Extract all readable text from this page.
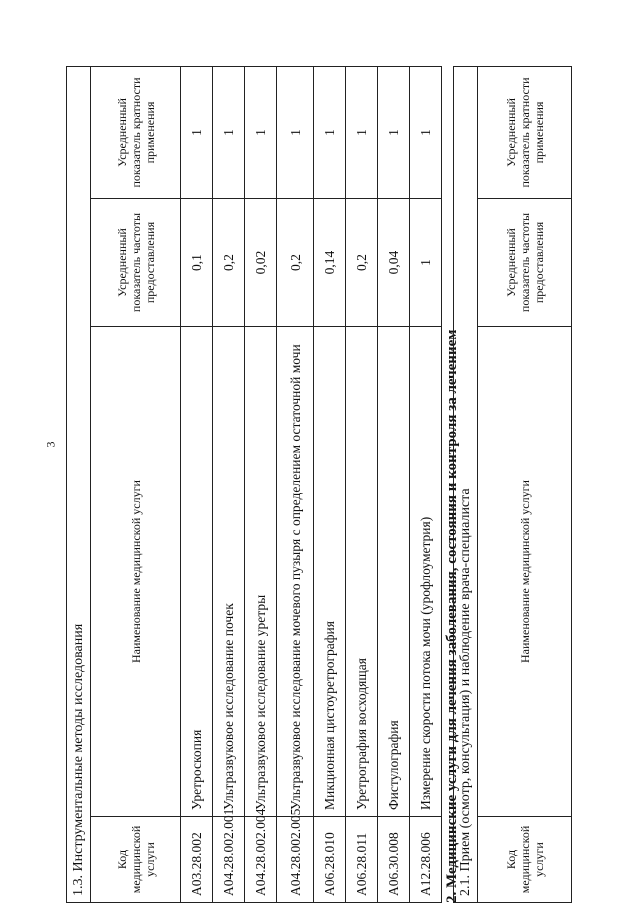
3
1.3. Инструментальные методы исследования			
Код медицинской услуги	Наименование медицинской услуги	Усредненный показатель частоты предоставления	Усредненный показатель кратности применения
A03.28.002	Уретроскопия	0,1	1
A04.28.002.001	Ультразвуковое исследование почек	0,2	1
A04.28.002.004	Ультразвуковое исследование уретры	0,02	1
A04.28.002.005	Ультразвуковое исследование мочевого пузыря с определением остаточной мочи	0,2	1
A06.28.010	Микционная цистоуретрография	0,14	1
A06.28.011	Уретрография восходящая	0,2	1
A06.30.008	Фистулография	0,04	1
A12.28.006	Измерение скорости потока мочи (урофлоуметрия)	1	1
2. Медицинские услуги для лечения заболевания, состояния и контроля за лечением
2.1. Прием (осмотр, консультация) и наблюдение врача-специалиста
Код медицинской услуги	Наименование медицинской услуги	Усредненный показатель частоты предоставления	Усредненный показатель кратности применения
